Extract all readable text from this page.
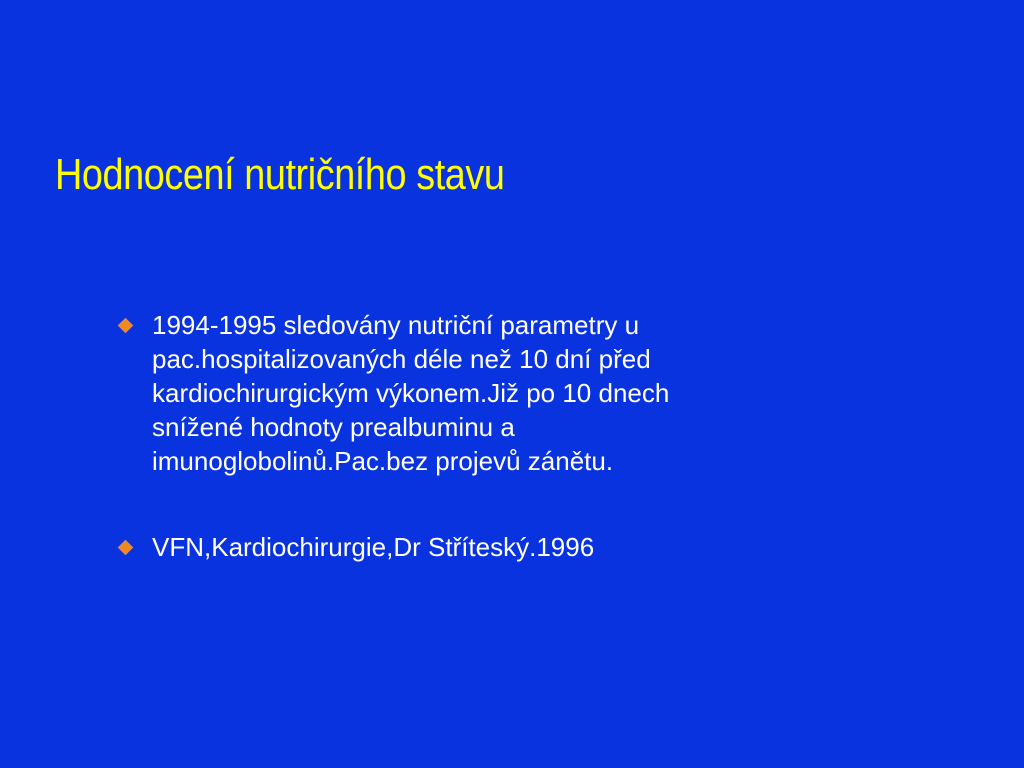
Hodnocení nutričního stavu
1994-1995 sledovány nutriční parametry u
pac.hospitalizovaných déle než 10 dní před
kardiochirurgickým výkonem.Již po 10 dnech
snížené hodnoty prealbuminu a
imunoglobolinů.Pac.bez projevů zánětu.
VFN,Kardiochirurgie,Dr Stříteský.1996
